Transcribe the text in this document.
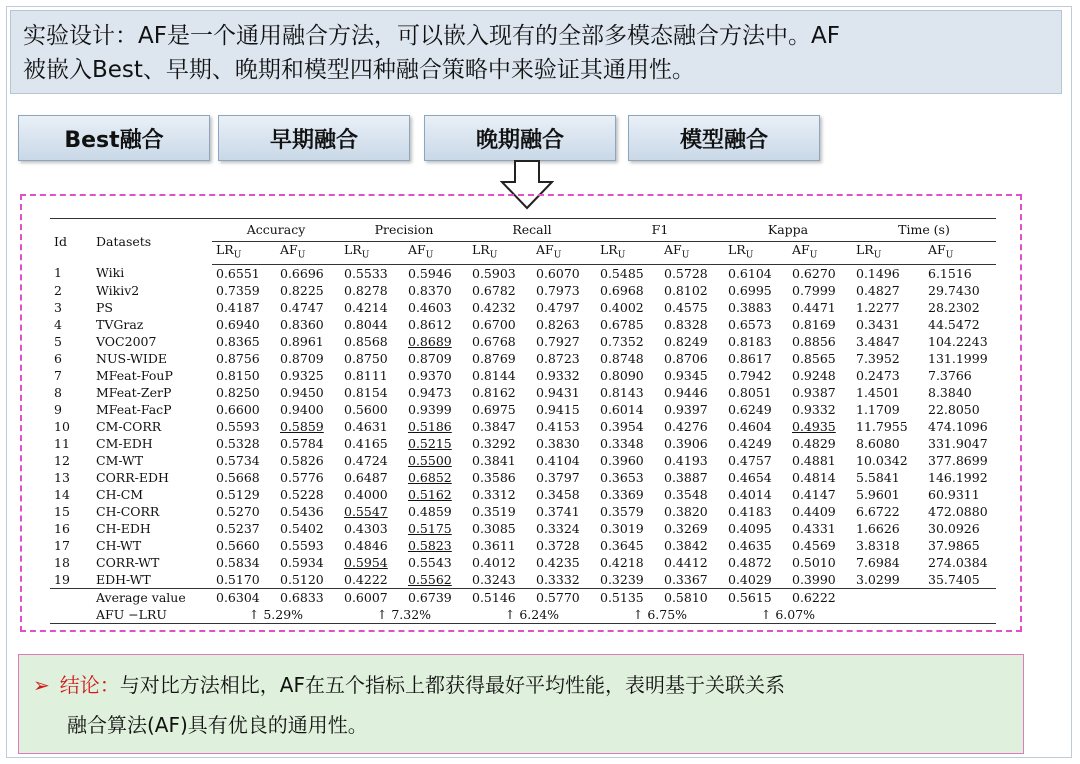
实验设计：AF是一个通用融合方法，可以嵌入现有的全部多模态融合方法中。AF
被嵌入Best、早期、晚期和模型四种融合策略中来验证其通用性。
Best融合	早期融合	晚期融合	模型融合
Id	Datasets	Accuracy		Precision		Recall		F1		Kappa		Time (s)	
		$LR_U$	$AF_U$	$LR_U$	$AF_U$	$LR_U$	$AF_U$	$LR_U$	$AF_U$	$LR_U$	$AF_U$	$LR_U$	$AF_U$
1	Wiki	0.6551	0.6696	0.5533	0.5946	0.5903	0.6070	0.5485	0.5728	0.6104	0.6270	0.1496	6.1516
2	Wikiv2	0.7359	0.8225	0.8278	0.8370	0.6782	0.7973	0.6968	0.8102	0.6995	0.7999	0.4827	29.7430
3	PS	0.4187	0.4747	0.4214	0.4603	0.4232	0.4797	0.4002	0.4575	0.3883	0.4471	1.2277	28.2302
4	TVGraz	0.6940	0.8360	0.8044	0.8612	0.6700	0.8263	0.6785	0.8328	0.6573	0.8169	0.3431	44.5472
5	VOC2007	0.8365	0.8961	0.8568	0.8689	0.6768	0.7927	0.7352	0.8249	0.8183	0.8856	3.4847	104.2243
6	NUS-WIDE	0.8756	0.8709	0.8750	0.8709	0.8769	0.8723	0.8748	0.8706	0.8617	0.8565	7.3952	131.1999
7	MFeat-FouP	0.8150	0.9325	0.8111	0.9370	0.8144	0.9332	0.8090	0.9345	0.7942	0.9248	0.2473	7.3766
8	MFeat-ZerP	0.8250	0.9450	0.8154	0.9473	0.8162	0.9431	0.8143	0.9446	0.8051	0.9387	1.4501	8.3840
9	MFeat-FacP	0.6600	0.9400	0.5600	0.9399	0.6975	0.9415	0.6014	0.9397	0.6249	0.9332	1.1709	22.8050
10	CM-CORR	0.5593	0.5859	0.4631	0.5186	0.3847	0.4153	0.3954	0.4276	0.4604	0.4935	11.7955	474.1096
11	CM-EDH	0.5328	0.5784	0.4165	0.5215	0.3292	0.3830	0.3348	0.3906	0.4249	0.4829	8.6080	331.9047
12	CM-WT	0.5734	0.5826	0.4724	0.5500	0.3841	0.4104	0.3960	0.4193	0.4757	0.4881	10.0342	377.8699
13	CORR-EDH	0.5668	0.5776	0.6487	0.6852	0.3586	0.3797	0.3653	0.3887	0.4654	0.4814	5.5841	146.1992
14	CH-CM	0.5129	0.5228	0.4000	0.5162	0.3312	0.3458	0.3369	0.3548	0.4014	0.4147	5.9601	60.9311
15	CH-CORR	0.5270	0.5436	0.5547	0.4859	0.3519	0.3741	0.3579	0.3820	0.4183	0.4409	6.6722	472.0880
16	CH-EDH	0.5237	0.5402	0.4303	0.5175	0.3085	0.3324	0.3019	0.3269	0.4095	0.4331	1.6626	30.0926
17	CH-WT	0.5660	0.5593	0.4846	0.5823	0.3611	0.3728	0.3645	0.3842	0.4635	0.4569	3.8318	37.9865
18	CORR-WT	0.5834	0.5934	0.5954	0.5543	0.4012	0.4235	0.4218	0.4412	0.4872	0.5010	7.6984	274.0384
19	EDH-WT	0.5170	0.5120	0.4222	0.5562	0.3243	0.3332	0.3239	0.3367	0.4029	0.3990	3.0299	35.7405
	Average value	0.6304	0.6833	0.6007	0.6739	0.5146	0.5770	0.5135	0.5810	0.5615	0.6222		
	AFU −LRU	↑ 5.29%		↑ 7.32%		↑ 6.24%		↑ 6.75%		↑ 6.07%			
➢ 结论：与对比方法相比，AF在五个指标上都获得最好平均性能，表明基于关联关系
融合算法(AF)具有优良的通用性。
